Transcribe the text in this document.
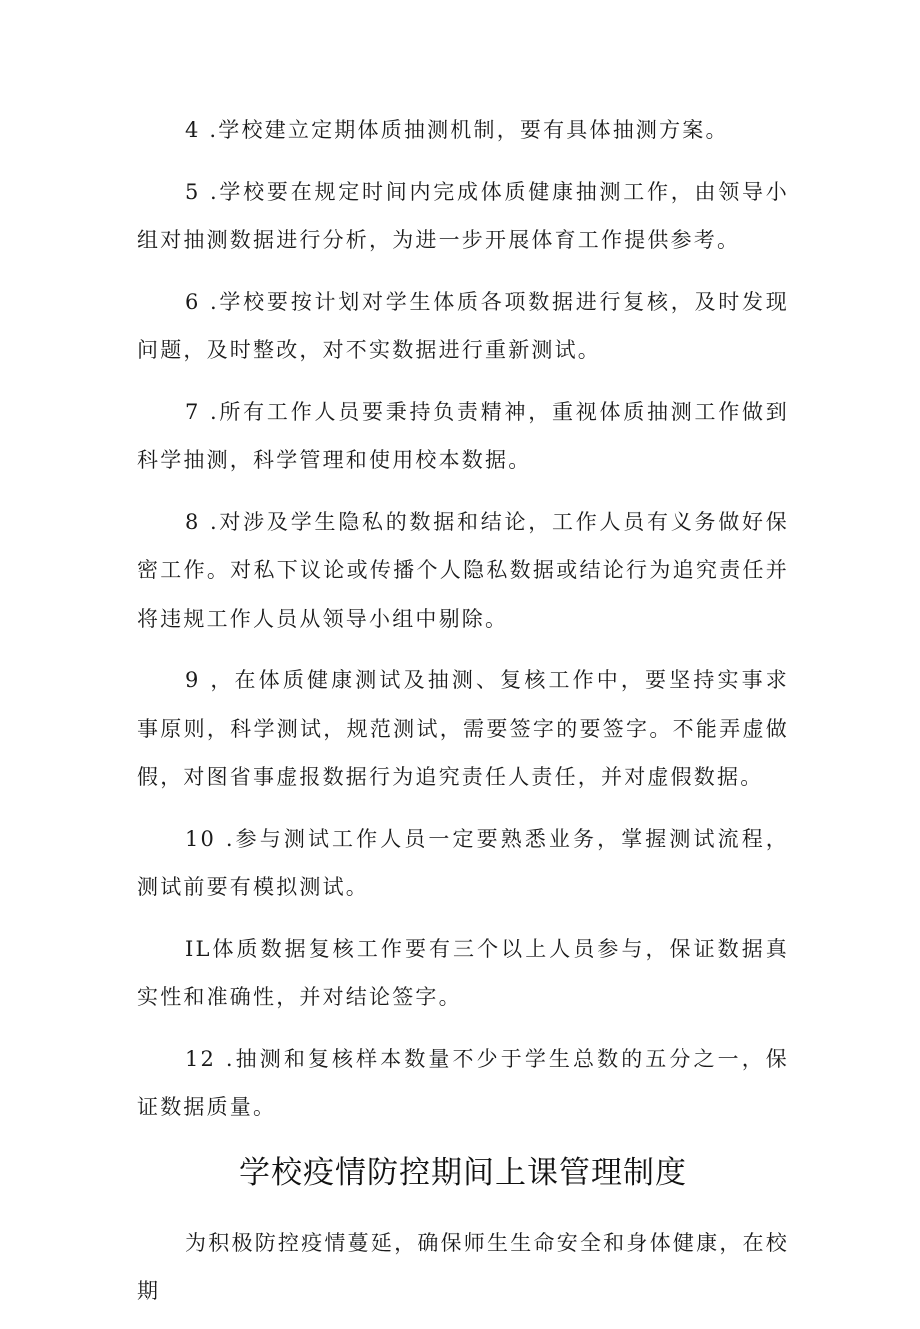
4 .学校建立定期体质抽测机制，要有具体抽测方案。

5 .学校要在规定时间内完成体质健康抽测工作，由领导小组对抽测数据进行分析，为进一步开展体育工作提供参考。

6 .学校要按计划对学生体质各项数据进行复核，及时发现问题，及时整改，对不实数据进行重新测试。

7 .所有工作人员要秉持负责精神，重视体质抽测工作做到科学抽测，科学管理和使用校本数据。

8 .对涉及学生隐私的数据和结论，工作人员有义务做好保密工作。对私下议论或传播个人隐私数据或结论行为追究责任并将违规工作人员从领导小组中剔除。

9 ，在体质健康测试及抽测、复核工作中，要坚持实事求事原则，科学测试，规范测试，需要签字的要签字。不能弄虚做假，对图省事虚报数据行为追究责任人责任，并对虚假数据。

10 .参与测试工作人员一定要熟悉业务，掌握测试流程，测试前要有模拟测试。

IL体质数据复核工作要有三个以上人员参与，保证数据真实性和准确性，并对结论签字。

12 .抽测和复核样本数量不少于学生总数的五分之一，保证数据质量。

学校疫情防控期间上课管理制度

为积极防控疫情蔓延，确保师生生命安全和身体健康，在校期
